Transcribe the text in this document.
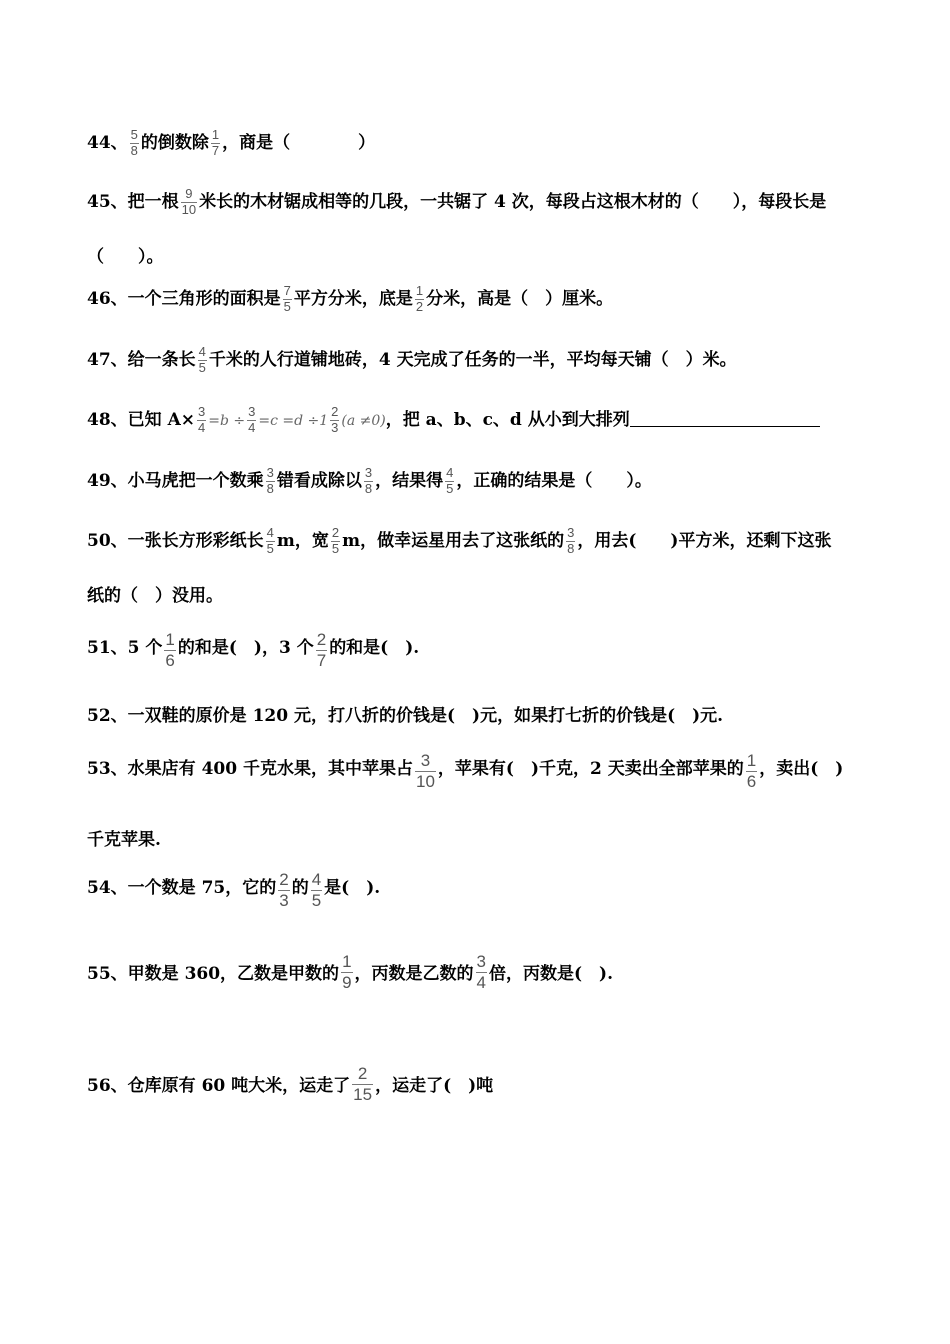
44、 $\frac{5}{8}$ 的倒数除 $\frac{1}{7}$ ，商是（　　　　）
45、把一根 $\frac{9}{10}$ 米长的木材锯成相等的几段，一共锯了 4 次，每段占这根木材的（　　），每段长是
（　　）。
46、一个三角形的面积是 $\frac{7}{5}$ 平方分米，底是 $\frac{1}{2}$ 分米，高是（　）厘米。
47、给一条长 $\frac{4}{5}$ 千米的人行道铺地砖，4 天完成了任务的一半，平均每天铺（　）米。
48、已知 $A\times \frac{3}{4} =b \div \frac{3}{4} =c =d \div 1 \frac{2}{3} (a \ne 0)$，把 a、b、c、d 从小到大排列
49、小马虎把一个数乘 $\frac{3}{8}$ 错看成除以 $\frac{3}{8}$ ，结果得 $\frac{4}{5}$ ，正确的结果是（　　）。
50、一张长方形彩纸长 $\frac{4}{5}$ m，宽 $\frac{2}{5}$ m，做幸运星用去了这张纸的 $\frac{3}{8}$ ，用去(　　)平方米，还剩下这张
纸的（　）没用。
51、5 个 $\frac{1}{6}$ 的和是(　)，3 个 $\frac{2}{7}$ 的和是(　).
52、一双鞋的原价是 120 元，打八折的价钱是(　)元，如果打七折的价钱是(　)元.
53、水果店有 400 千克水果，其中苹果占 $\frac{3}{10}$ ，苹果有(　)千克，2 天卖出全部苹果的 $\frac{1}{6}$ ，卖出(　)
千克苹果.
54、一个数是 75，它的 $\frac{2}{3}$ 的 $\frac{4}{5}$ 是(　).
55、甲数是 360，乙数是甲数的 $\frac{1}{9}$ ，丙数是乙数的 $\frac{3}{4}$ 倍，丙数是(　).
56、仓库原有 60 吨大米，运走了 $\frac{2}{15}$ ，运走了(　)吨
